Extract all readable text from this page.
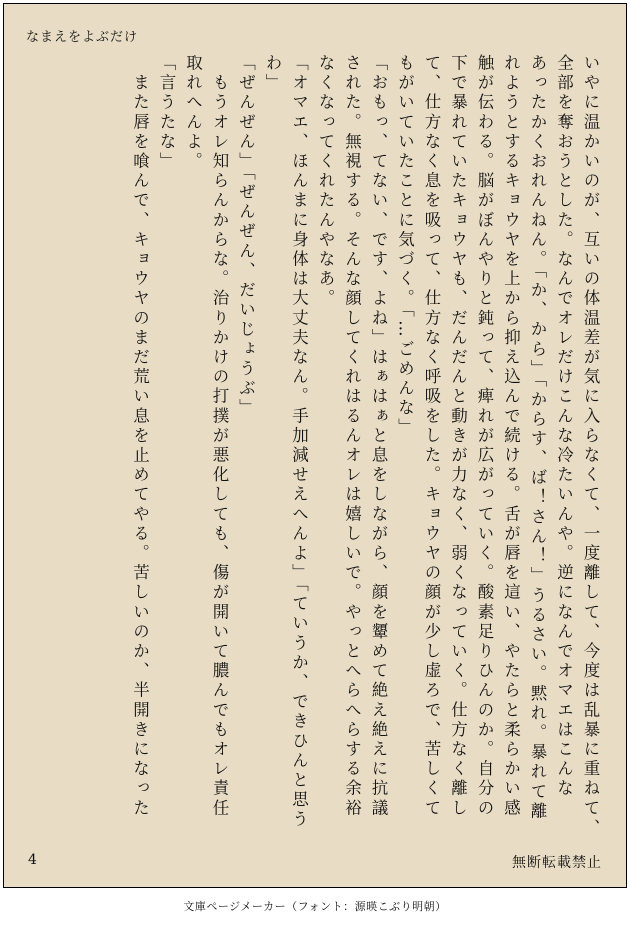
なまえをよぶだけ

いやに温かいのが、互いの体温差が気に入らなくて、一度離して、今度は乱暴に重ねて、

全部を奪おうとした。なんでオレだけこんな冷たいんや。逆になんでオマエはこんな

あったかくおれんねん。「か、から」「からす、ば！さん！」うるさい。黙れ。暴れて離

れようとするキョウヤを上から抑え込んで続ける。舌が唇を這い、やたらと柔らかい感

触が伝わる。脳がぼんやりと鈍って、痺れが広がっていく。酸素足りひんのか。自分の

下で暴れていたキョウヤも、だんだんと動きが力なく、弱くなっていく。仕方なく離し

て、仕方なく息を吸って、仕方なく呼吸をした。キョウヤの顔が少し虚ろで、苦しくて

もがいていたことに気づく。「…ごめんな」

「おもっ、てない、です、よね」はぁはぁと息をしながら、顔を顰めて絶え絶えに抗議

された。無視する。そんな顔してくれはるんオレは嬉しいで。やっとへらへらする余裕

なくなってくれたんやなあ。

「オマエ、ほんまに身体は大丈夫なん。手加減せえへんよ」「ていうか、できひんと思う

わ」

「ぜんぜん」「ぜんぜん、だいじょうぶ」

　もうオレ知らんからな。治りかけの打撲が悪化しても、傷が開いて膿んでもオレ責任

取れへんよ。

「言うたな」

　また唇を喰んで、キョウヤのまだ荒い息を止めてやる。苦しいのか、半開きになった

4	無断転載禁止
文庫ページメーカー（フォント：源暎こぶり明朝）
